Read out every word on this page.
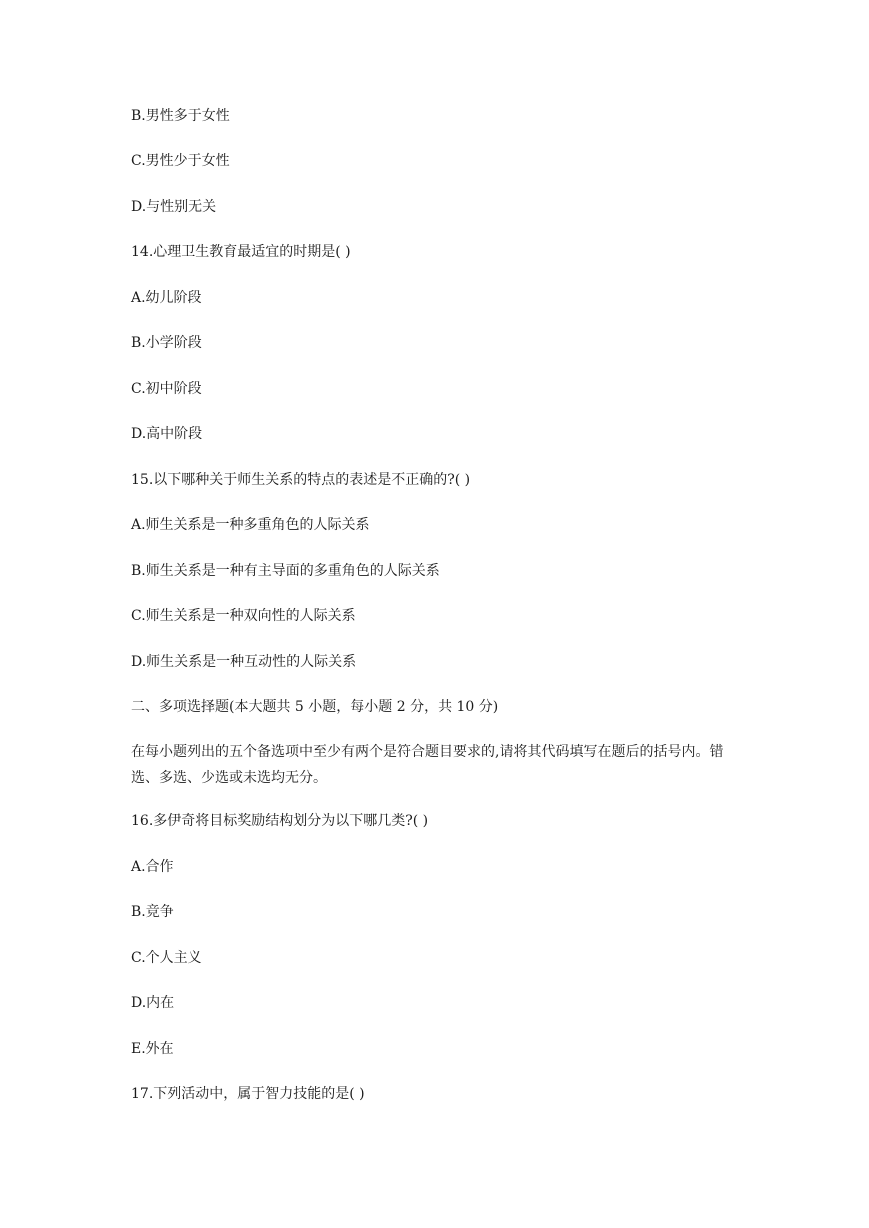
B.男性多于女性
C.男性少于女性
D.与性别无关
14.心理卫生教育最适宜的时期是( )
A.幼儿阶段
B.小学阶段
C.初中阶段
D.高中阶段
15.以下哪种关于师生关系的特点的表述是不正确的?( )
A.师生关系是一种多重角色的人际关系
B.师生关系是一种有主导面的多重角色的人际关系
C.师生关系是一种双向性的人际关系
D.师生关系是一种互动性的人际关系
二、多项选择题(本大题共 5 小题，每小题 2 分，共 10 分)
在每小题列出的五个备选项中至少有两个是符合题目要求的,请将其代码填写在题后的括号内。错选、多选、少选或未选均无分。
16.多伊奇将目标奖励结构划分为以下哪几类?( )
A.合作
B.竞争
C.个人主义
D.内在
E.外在
17.下列活动中，属于智力技能的是( )
